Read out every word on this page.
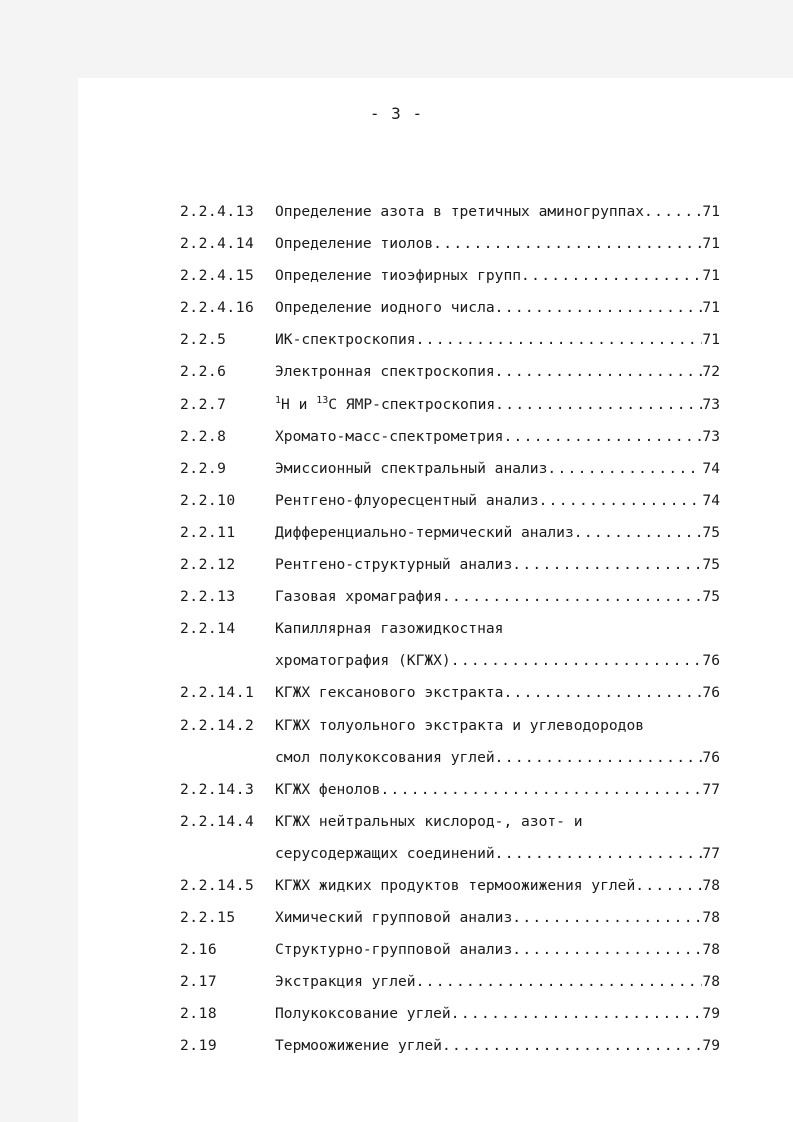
- 3 -
2.2.4.13	Определение азота в третичных аминогруппах .....	71
2.2.4.14	Определение тиолов .....	71
2.2.4.15	Определение тиоэфирных групп .....	71
2.2.4.16	Определение иодного числа .....	71
2.2.5	ИК-спектроскопия .....	71
2.2.6	Электронная спектроскопия .....	72
2.2.7	$^1$Н и $^{13}$С ЯМР-спектроскопия .....	73
2.2.8	Хромато-масс-спектрометрия .....	73
2.2.9	Эмиссионный спектральный анализ .....	74
2.2.10	Рентгено-флуоресцентный анализ .....	74
2.2.11	Дифференциально-термический анализ .....	75
2.2.12	Рентгено-структурный анализ .....	75
2.2.13	Газовая хромаграфия .....	75
2.2.14	Капиллярная газожидкостная
хроматография (КГЖХ) .....	76
2.2.14.1	КГЖХ гексанового экстракта .....	76
2.2.14.2	КГЖХ толуольного экстракта и углеводородов
смол полукоксования углей .....	76
2.2.14.3	КГЖХ фенолов .....	77
2.2.14.4	КГЖХ нейтральных кислород-, азот- и
серусодержащих соединений .....	77
2.2.14.5	КГЖХ жидких продуктов термоожижения углей .....	78
2.2.15	Химический групповой анализ .....	78
2.16	Структурно-групповой анализ .....	78
2.17	Экстракция углей .....	78
2.18	Полукоксование углей .....	79
2.19	Термоожижение углей .....	79
